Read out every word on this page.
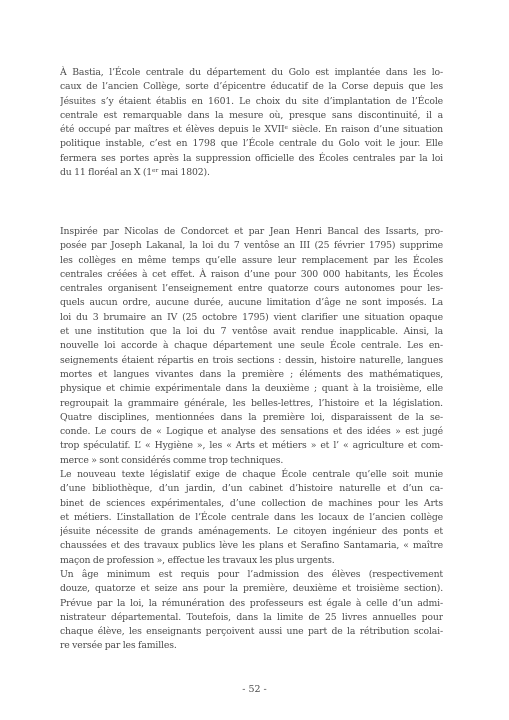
À Bastia, l’École centrale du département du Golo est implantée dans les lo-
caux de l’ancien Collège, sorte d’épicentre éducatif de la Corse depuis que les
Jésuites s’y étaient établis en 1601. Le choix du site d’implantation de l’École
centrale est remarquable dans la mesure où, presque sans discontinuité, il a
été occupé par maîtres et élèves depuis le XVIIᵉ siècle. En raison d’une situation
politique instable, c’est en 1798 que l’École centrale du Golo voit le jour. Elle
fermera ses portes après la suppression officielle des Écoles centrales par la loi
du 11 floréal an X (1ᵉʳ mai 1802).
Inspirée par Nicolas de Condorcet et par Jean Henri Bancal des Issarts, pro-
posée par Joseph Lakanal, la loi du 7 ventôse an III (25 février 1795) supprime
les collèges en même temps qu’elle assure leur remplacement par les Écoles
centrales créées à cet effet. À raison d’une pour 300 000 habitants, les Écoles
centrales organisent l’enseignement entre quatorze cours autonomes pour les-
quels aucun ordre, aucune durée, aucune limitation d’âge ne sont imposés. La
loi du 3 brumaire an IV (25 octobre 1795) vient clarifier une situation opaque
et une institution que la loi du 7 ventôse avait rendue inapplicable. Ainsi, la
nouvelle loi accorde à chaque département une seule École centrale. Les en-
seignements étaient répartis en trois sections : dessin, histoire naturelle, langues
mortes et langues vivantes dans la première ; éléments des mathématiques,
physique et chimie expérimentale dans la deuxième ; quant à la troisième, elle
regroupait la grammaire générale, les belles-lettres, l’histoire et la législation.
Quatre disciplines, mentionnées dans la première loi, disparaissent de la se-
conde. Le cours de « Logique et analyse des sensations et des idées » est jugé
trop spéculatif. L’ « Hygiène », les « Arts et métiers » et l’ « agriculture et com-
merce » sont considérés comme trop techniques.
Le nouveau texte législatif exige de chaque École centrale qu’elle soit munie
d’une bibliothèque, d’un jardin, d’un cabinet d’histoire naturelle et d’un ca-
binet de sciences expérimentales, d’une collection de machines pour les Arts
et métiers. L’installation de l’École centrale dans les locaux de l’ancien collège
jésuite nécessite de grands aménagements. Le citoyen ingénieur des ponts et
chaussées et des travaux publics lève les plans et Serafino Santamaria, « maître
maçon de profession », effectue les travaux les plus urgents.
Un âge minimum est requis pour l’admission des élèves (respectivement
douze, quatorze et seize ans pour la première, deuxième et troisième section).
Prévue par la loi, la rémunération des professeurs est égale à celle d’un admi-
nistrateur départemental. Toutefois, dans la limite de 25 livres annuelles pour
chaque élève, les enseignants perçoivent aussi une part de la rétribution scolai-
re versée par les familles.
- 52 -
